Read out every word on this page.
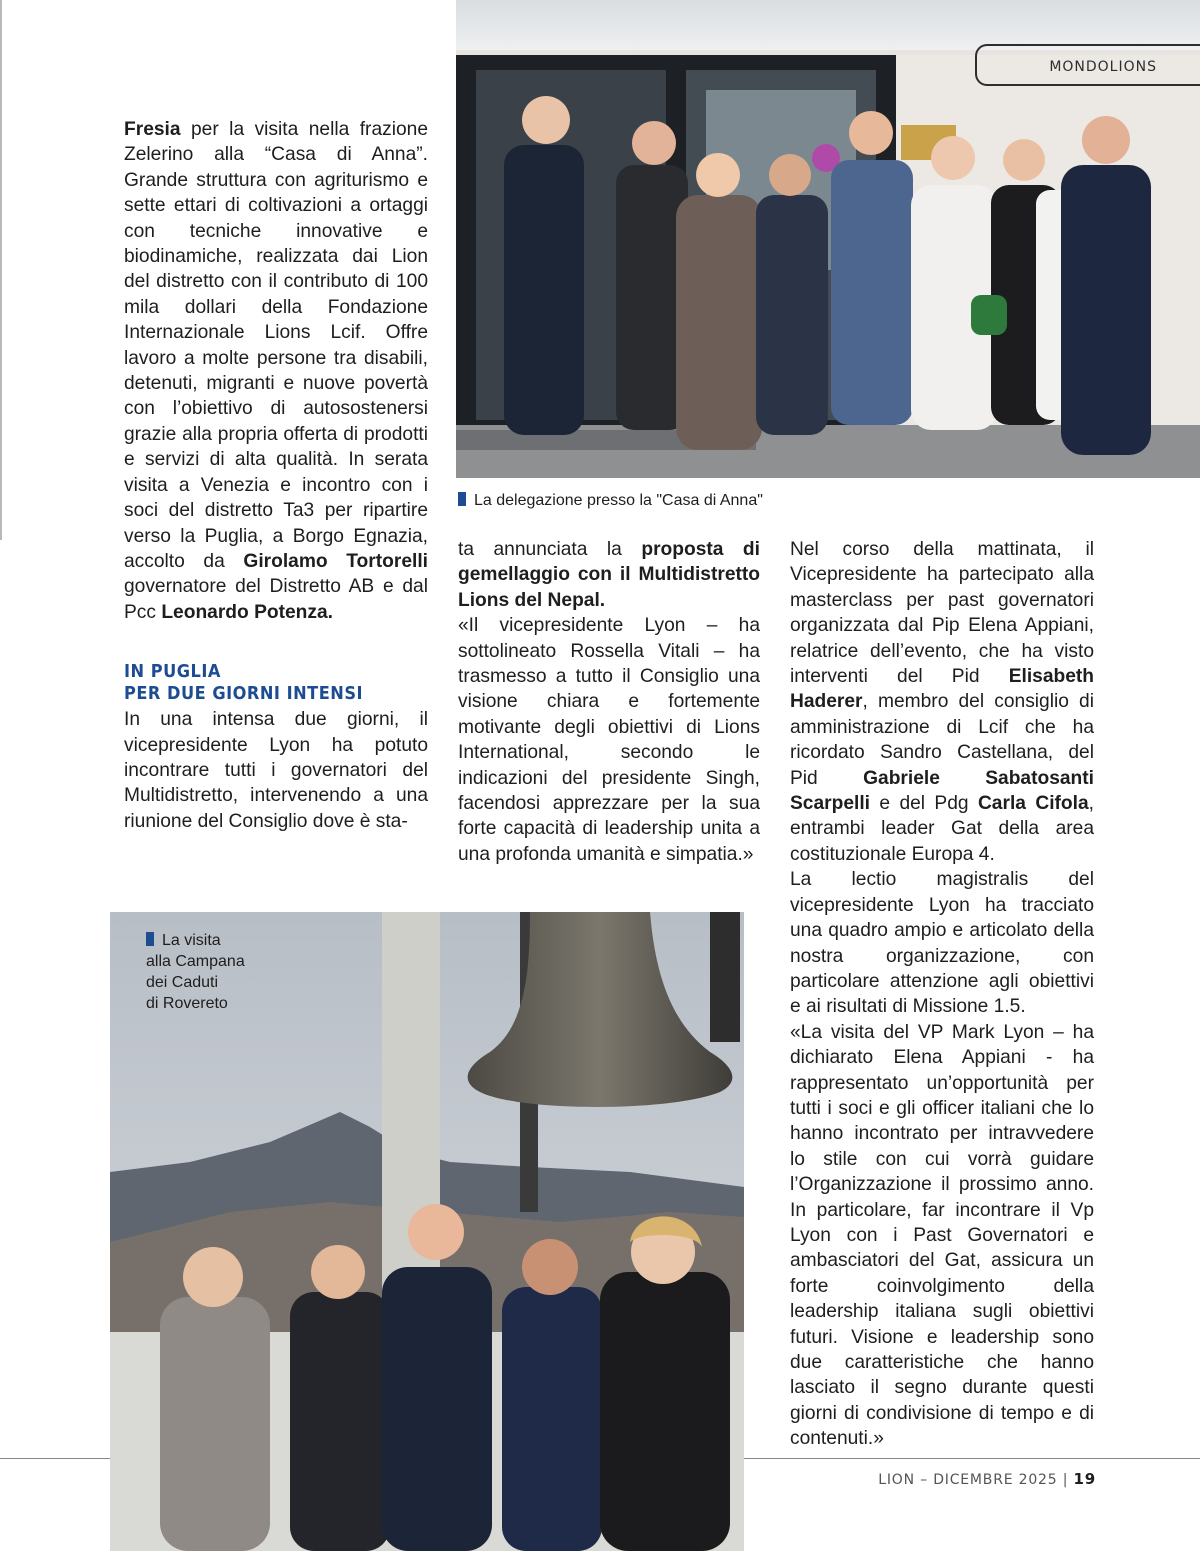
MONDOLIONS
La delegazione presso la "Casa di Anna"

Fresia per la visita nella frazione Zelerino alla “Casa di Anna”. Grande struttura con agriturismo e sette ettari di coltivazioni a ortaggi con tecniche innovative e biodinamiche, realizzata dai Lion del distretto con il contributo di 100 mila dollari della Fondazione Internazionale Lions Lcif. Offre lavoro a molte persone tra disabili, detenuti, migranti e nuove povertà con l’obiettivo di autosostenersi grazie alla propria offerta di prodotti e servizi di alta qualità. In serata visita a Venezia e incontro con i soci del distretto Ta3 per ripartire verso la Puglia, a Borgo Egnazia, accolto da Girolamo Tortorelli governatore del Distretto AB e dal Pcc Leonardo Potenza.

IN PUGLIA
PER DUE GIORNI INTENSI

In una intensa due giorni, il vicepresidente Lyon ha potuto incontrare tutti i governatori del Multidistretto, intervenendo a una riunione del Consiglio dove è sta-

ta annunciata la proposta di gemellaggio con il Multidistretto Lions del Nepal.

«Il vicepresidente Lyon – ha sottolineato Rossella Vitali – ha trasmesso a tutto il Consiglio una visione chiara e fortemente motivante degli obiettivi di Lions International, secondo le indicazioni del presidente Singh, facendosi apprezzare per la sua forte capacità di leadership unita a una profonda umanità e simpatia.»

Nel corso della mattinata, il Vicepresidente ha partecipato alla masterclass per past governatori organizzata dal Pip Elena Appiani, relatrice dell’evento, che ha visto interventi del Pid Elisabeth Haderer, membro del consiglio di amministrazione di Lcif che ha ricordato Sandro Castellana, del Pid Gabriele Sabatosanti Scarpelli e del Pdg Carla Cifola, entrambi leader Gat della area costituzionale Europa 4.

La lectio magistralis del vicepresidente Lyon ha tracciato una quadro ampio e articolato della nostra organizzazione, con particolare attenzione agli obiettivi e ai risultati di Missione 1.5.

«La visita del VP Mark Lyon – ha dichiarato Elena Appiani - ha rappresentato un’opportunità per tutti i soci e gli officer italiani che lo hanno incontrato per intravvedere lo stile con cui vorrà guidare l’Organizzazione il prossimo anno. In particolare, far incontrare il Vp Lyon con i Past Governatori e ambasciatori del Gat, assicura un forte coinvolgimento della leadership italiana sugli obiettivi futuri. Visione e leadership sono due caratteristiche che hanno lasciato il segno durante questi giorni di condivisione di tempo e di contenuti.»

La visita
alla Campana
dei Caduti
di Rovereto
LION – DICEMBRE 2025 | 19
